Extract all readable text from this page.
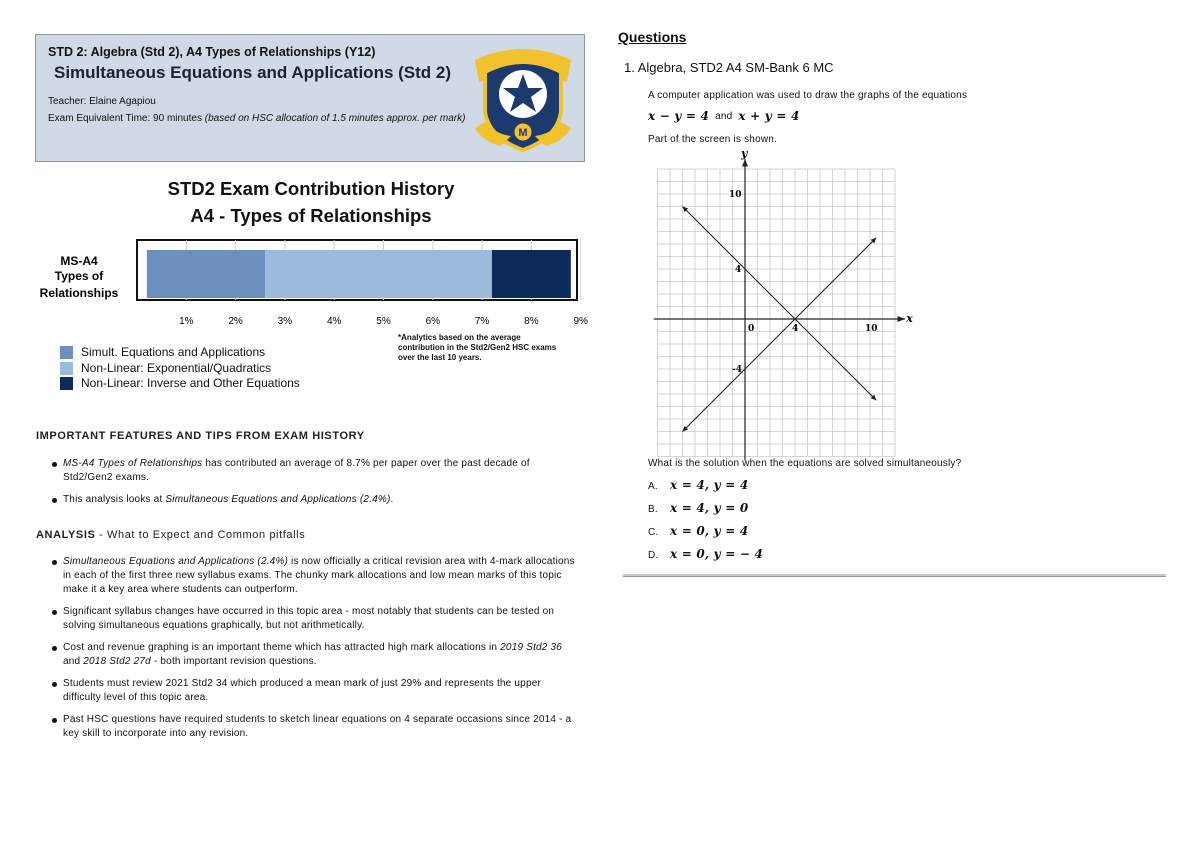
STD 2: Algebra (Std 2), A4 Types of Relationships (Y12)
Simultaneous Equations and Applications (Std 2)
Teacher: Elaine Agapiou
Exam Equivalent Time: 90 minutes (based on HSC allocation of 1.5 minutes approx. per mark)
M
STD2 Exam Contribution History
A4 - Types of Relationships
1%	2%	3%	4%	5%	6%	7%	8%	9%
MS-A4
Types of
Relationships
Simult. Equations and Applications
Non-Linear: Exponential/Quadratics
Non-Linear: Inverse and Other Equations
*Analytics based on the average contribution in the Std2/Gen2 HSC exams over the last 10 years.
IMPORTANT FEATURES AND TIPS FROM EXAM HISTORY
MS-A4 Types of Relationships has contributed an average of 8.7% per paper over the past decade of Std2/Gen2 exams.
This analysis looks at Simultaneous Equations and Applications (2.4%).
ANALYSIS - What to Expect and Common pitfalls
Simultaneous Equations and Applications (2.4%) is now officially a critical revision area with 4-mark allocations in each of the first three new syllabus exams. The chunky mark allocations and low mean marks of this topic make it a key area where students can outperform.
Significant syllabus changes have occurred in this topic area - most notably that students can be tested on solving simultaneous equations graphically, but not arithmetically.
Cost and revenue graphing is an important theme which has attracted high mark allocations in 2019 Std2 36 and 2018 Std2 27d - both important revision questions.
Students must review 2021 Std2 34 which produced a mean mark of just 29% and represents the upper difficulty level of this topic area.
Past HSC questions have required students to sketch linear equations on 4 separate occasions since 2014 - a key skill to incorporate into any revision.
Questions
1. Algebra, STD2 A4 SM-Bank 6 MC
A computer application was used to draw the graphs of the equations
x − y = 4 and x + y = 4
Part of the screen is shown.
x
y
10
10
0	4
4
-4
What is the solution when the equations are solved simultaneously?
A. x = 4, y = 4
B. x = 4, y = 0
C. x = 0, y = 4
D. x = 0, y = − 4
